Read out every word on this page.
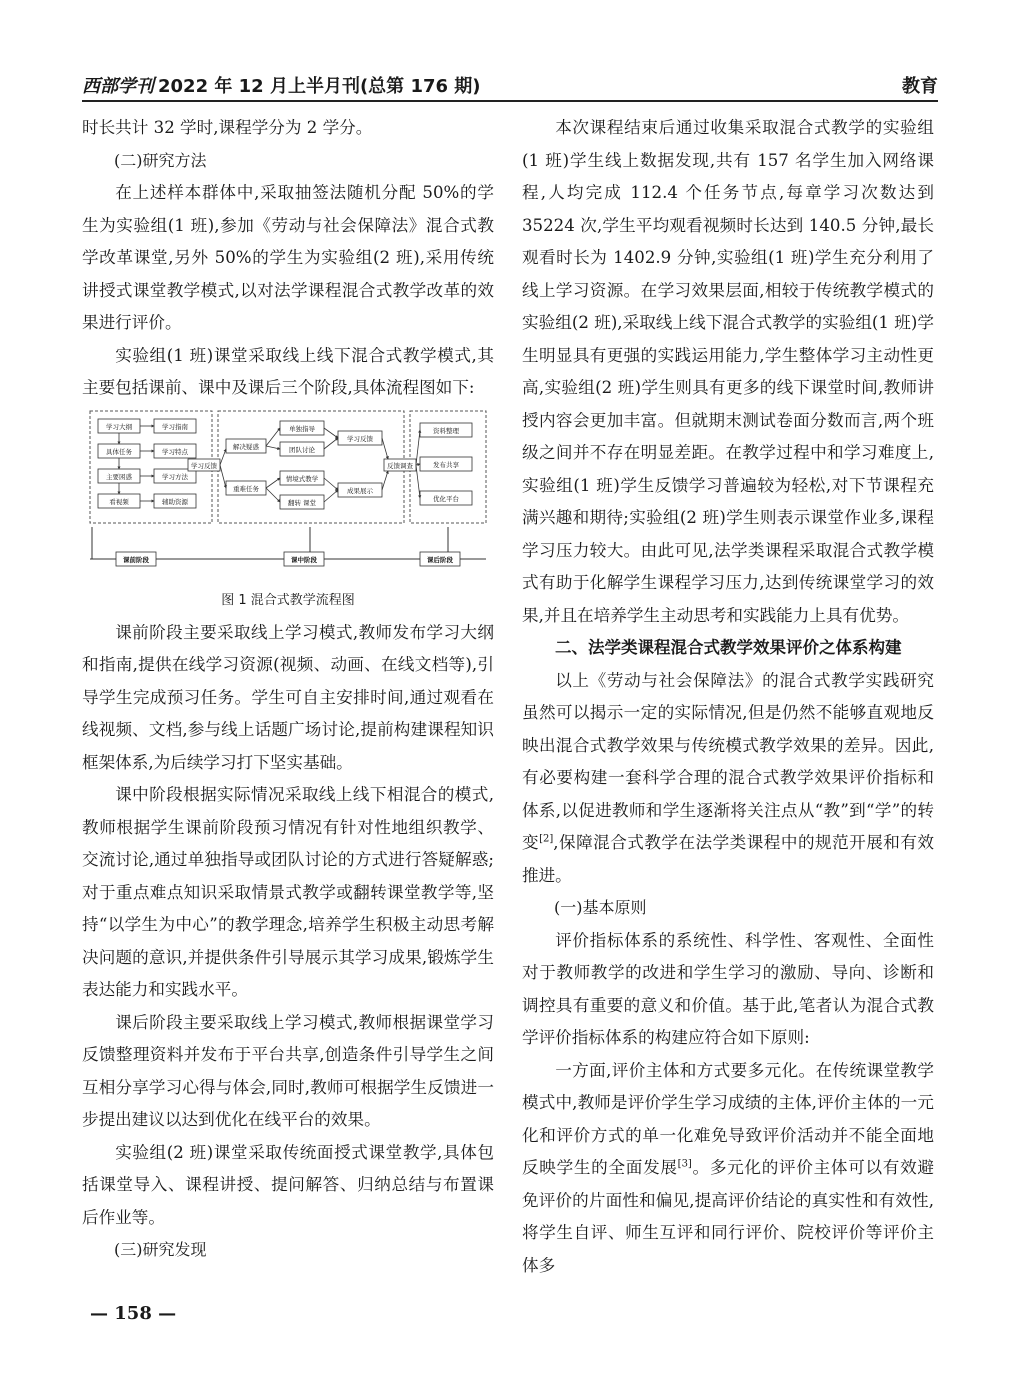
西部学刊 2022 年 12 月上半月刊(总第 176 期)	教育

时长共计 32 学时,课程学分为 2 学分。

(二)研究方法

在上述样本群体中,采取抽签法随机分配 50%的学生为实验组(1 班),参加《劳动与社会保障法》混合式教学改革课堂,另外 50%的学生为实验组(2 班),采用传统讲授式课堂教学模式,以对法学课程混合式教学改革的效果进行评价。

实验组(1 班)课堂采取线上线下混合式教学模式,其主要包括课前、课中及课后三个阶段,具体流程图如下:

学习大纲
具体任务
主要困惑
看视频
学习指南
学习特点
学习方法
辅助资源
解决疑惑
重难任务
单独指导
团队讨论
学习反馈
情境式教学
翻转 课堂
成果展示
资料整理
发布共享
优化平台
学习反馈	反馈调查
课前阶段	课中阶段	课后阶段
图 1 混合式教学流程图

课前阶段主要采取线上学习模式,教师发布学习大纲和指南,提供在线学习资源(视频、动画、在线文档等),引导学生完成预习任务。学生可自主安排时间,通过观看在线视频、文档,参与线上话题广场讨论,提前构建课程知识框架体系,为后续学习打下坚实基础。

课中阶段根据实际情况采取线上线下相混合的模式,教师根据学生课前阶段预习情况有针对性地组织教学、交流讨论,通过单独指导或团队讨论的方式进行答疑解惑;对于重点难点知识采取情景式教学或翻转课堂教学等,坚持“以学生为中心”的教学理念,培养学生积极主动思考解决问题的意识,并提供条件引导展示其学习成果,锻炼学生表达能力和实践水平。

课后阶段主要采取线上学习模式,教师根据课堂学习反馈整理资料并发布于平台共享,创造条件引导学生之间互相分享学习心得与体会,同时,教师可根据学生反馈进一步提出建议以达到优化在线平台的效果。

实验组(2 班)课堂采取传统面授式课堂教学,具体包括课堂导入、课程讲授、提问解答、归纳总结与布置课后作业等。

(三)研究发现

本次课程结束后通过收集采取混合式教学的实验组(1 班)学生线上数据发现,共有 157 名学生加入网络课程,人均完成 112.4 个任务节点,每章学习次数达到 35224 次,学生平均观看视频时长达到 140.5 分钟,最长观看时长为 1402.9 分钟,实验组(1 班)学生充分利用了线上学习资源。在学习效果层面,相较于传统教学模式的实验组(2 班),采取线上线下混合式教学的实验组(1 班)学生明显具有更强的实践运用能力,学生整体学习主动性更高,实验组(2 班)学生则具有更多的线下课堂时间,教师讲授内容会更加丰富。但就期末测试卷面分数而言,两个班级之间并不存在明显差距。在教学过程中和学习难度上,实验组(1 班)学生反馈学习普遍较为轻松,对下节课程充满兴趣和期待;实验组(2 班)学生则表示课堂作业多,课程学习压力较大。由此可见,法学类课程采取混合式教学模式有助于化解学生课程学习压力,达到传统课堂学习的效果,并且在培养学生主动思考和实践能力上具有优势。

二、法学类课程混合式教学效果评价之体系构建

以上《劳动与社会保障法》的混合式教学实践研究虽然可以揭示一定的实际情况,但是仍然不能够直观地反映出混合式教学效果与传统模式教学效果的差异。因此,有必要构建一套科学合理的混合式教学效果评价指标和体系,以促进教师和学生逐渐将关注点从“教”到“学”的转变[2],保障混合式教学在法学类课程中的规范开展和有效推进。

(一)基本原则

评价指标体系的系统性、科学性、客观性、全面性对于教师教学的改进和学生学习的激励、导向、诊断和调控具有重要的意义和价值。基于此,笔者认为混合式教学评价指标体系的构建应符合如下原则:

一方面,评价主体和方式要多元化。在传统课堂教学模式中,教师是评价学生学习成绩的主体,评价主体的一元化和评价方式的单一化难免导致评价活动并不能全面地反映学生的全面发展[3]。多元化的评价主体可以有效避免评价的片面性和偏见,提高评价结论的真实性和有效性,将学生自评、师生互评和同行评价、院校评价等评价主体多

— 158 —
